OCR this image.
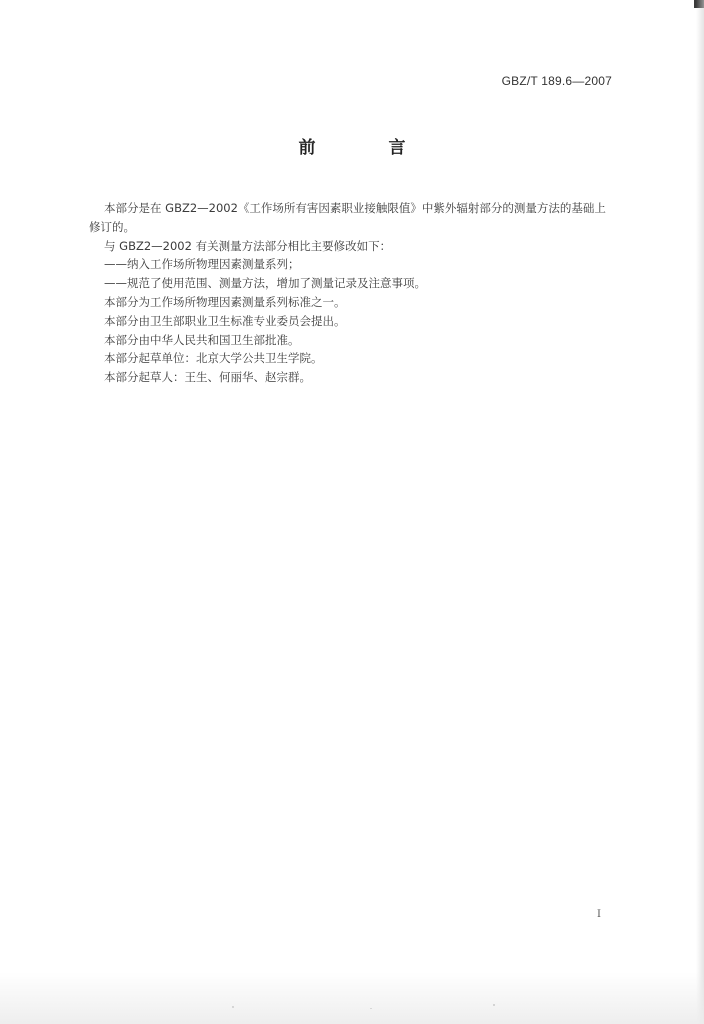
GBZ/T 189.6—2007
前　言

本部分是在 GBZ2—2002《工作场所有害因素职业接触限值》中紫外辐射部分的测量方法的基础上修订的。

与 GBZ2—2002 有关测量方法部分相比主要修改如下：

——纳入工作场所物理因素测量系列；

——规范了使用范围、测量方法，增加了测量记录及注意事项。

本部分为工作场所物理因素测量系列标准之一。

本部分由卫生部职业卫生标准专业委员会提出。

本部分由中华人民共和国卫生部批准。

本部分起草单位：北京大学公共卫生学院。

本部分起草人：王生、何丽华、赵宗群。

I
